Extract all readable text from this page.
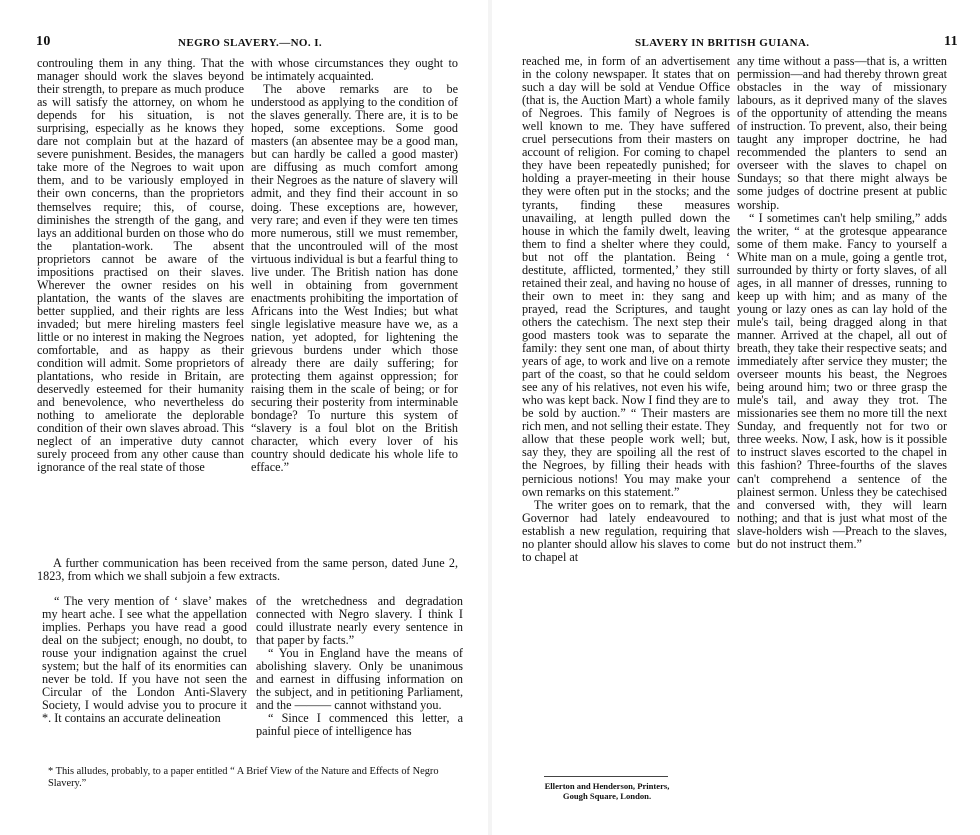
10	NEGRO SLAVERY.—NO. I.

controuling them in any thing. That the manager should work the slaves beyond their strength, to prepare as much produce as will satisfy the attorney, on whom he depends for his situation, is not surprising, especially as he knows they dare not complain but at the hazard of severe punishment. Besides, the managers take more of the Negroes to wait upon them, and to be variously employed in their own concerns, than the proprietors themselves require; this, of course, diminishes the strength of the gang, and lays an additional burden on those who do the plantation-work. The absent proprietors cannot be aware of the impositions practised on their slaves. Wherever the owner resides on his plantation, the wants of the slaves are better supplied, and their rights are less invaded; but mere hireling masters feel little or no interest in making the Negroes comfortable, and as happy as their condition will admit. Some proprietors of plantations, who reside in Britain, are deservedly esteemed for their humanity and benevolence, who nevertheless do nothing to ameliorate the deplorable condition of their own slaves abroad. This neglect of an imperative duty cannot surely proceed from any other cause than ignorance of the real state of those

with whose circumstances they ought to be intimately acquainted.

The above remarks are to be understood as applying to the condition of the slaves generally. There are, it is to be hoped, some exceptions. Some good masters (an absentee may be a good man, but can hardly be called a good master) are diffusing as much comfort among their Negroes as the nature of slavery will admit, and they find their account in so doing. These exceptions are, however, very rare; and even if they were ten times more numerous, still we must remember, that the uncontrouled will of the most virtuous individual is but a fearful thing to live under. The British nation has done well in obtaining from government enactments prohibiting the importation of Africans into the West Indies; but what single legislative measure have we, as a nation, yet adopted, for lightening the grievous burdens under which those already there are daily suffering; for protecting them against oppression; for raising them in the scale of being; or for securing their posterity from interminable bondage? To nurture this system of “slavery is a foul blot on the British character, which every lover of his country should dedicate his whole life to efface.”

A further communication has been received from the same person, dated June 2, 1823, from which we shall subjoin a few extracts.

“ The very mention of ‘ slave’ makes my heart ache. I see what the appellation implies. Perhaps you have read a good deal on the subject; enough, no doubt, to rouse your indignation against the cruel system; but the half of its enormities can never be told. If you have not seen the Circular of the London Anti-Slavery Society, I would advise you to procure it *. It contains an accurate delineation

of the wretchedness and degradation connected with Negro slavery. I think I could illustrate nearly every sentence in that paper by facts.”

“ You in England have the means of abolishing slavery. Only be unanimous and earnest in diffusing information on the subject, and in petitioning Parliament, and the ——— cannot withstand you.

“ Since I commenced this letter, a painful piece of intelligence has

* This alludes, probably, to a paper entitled “ A Brief View of the Nature and Effects of Negro Slavery.”
SLAVERY IN BRITISH GUIANA.	11

reached me, in form of an advertisement in the colony newspaper. It states that on such a day will be sold at Vendue Office (that is, the Auction Mart) a whole family of Negroes. This family of Negroes is well known to me. They have suffered cruel persecutions from their masters on account of religion. For coming to chapel they have been repeatedly punished; for holding a prayer-meeting in their house they were often put in the stocks; and the tyrants, finding these measures unavailing, at length pulled down the house in which the family dwelt, leaving them to find a shelter where they could, but not off the plantation. Being ‘ destitute, afflicted, tormented,’ they still retained their zeal, and having no house of their own to meet in: they sang and prayed, read the Scriptures, and taught others the catechism. The next step their good masters took was to separate the family: they sent one man, of about thirty years of age, to work and live on a remote part of the coast, so that he could seldom see any of his relatives, not even his wife, who was kept back. Now I find they are to be sold by auction.” “ Their masters are rich men, and not selling their estate. They allow that these people work well; but, say they, they are spoiling all the rest of the Negroes, by filling their heads with pernicious notions! You may make your own remarks on this statement.”

The writer goes on to remark, that the Governor had lately endeavoured to establish a new regulation, requiring that no planter should allow his slaves to come to chapel at

any time without a pass—that is, a written permission—and had thereby thrown great obstacles in the way of missionary labours, as it deprived many of the slaves of the opportunity of attending the means of instruction. To prevent, also, their being taught any improper doctrine, he had recommended the planters to send an overseer with the slaves to chapel on Sundays; so that there might always be some judges of doctrine present at public worship.

“ I sometimes can't help smiling,” adds the writer, “ at the grotesque appearance some of them make. Fancy to yourself a White man on a mule, going a gentle trot, surrounded by thirty or forty slaves, of all ages, in all manner of dresses, running to keep up with him; and as many of the young or lazy ones as can lay hold of the mule's tail, being dragged along in that manner. Arrived at the chapel, all out of breath, they take their respective seats; and immediately after service they muster; the overseer mounts his beast, the Negroes being around him; two or three grasp the mule's tail, and away they trot. The missionaries see them no more till the next Sunday, and frequently not for two or three weeks. Now, I ask, how is it possible to instruct slaves escorted to the chapel in this fashion? Three-fourths of the slaves can't comprehend a sentence of the plainest sermon. Unless they be catechised and conversed with, they will learn nothing; and that is just what most of the slave-holders wish —Preach to the slaves, but do not instruct them.”

Ellerton and Henderson, Printers,
Gough Square, London.
